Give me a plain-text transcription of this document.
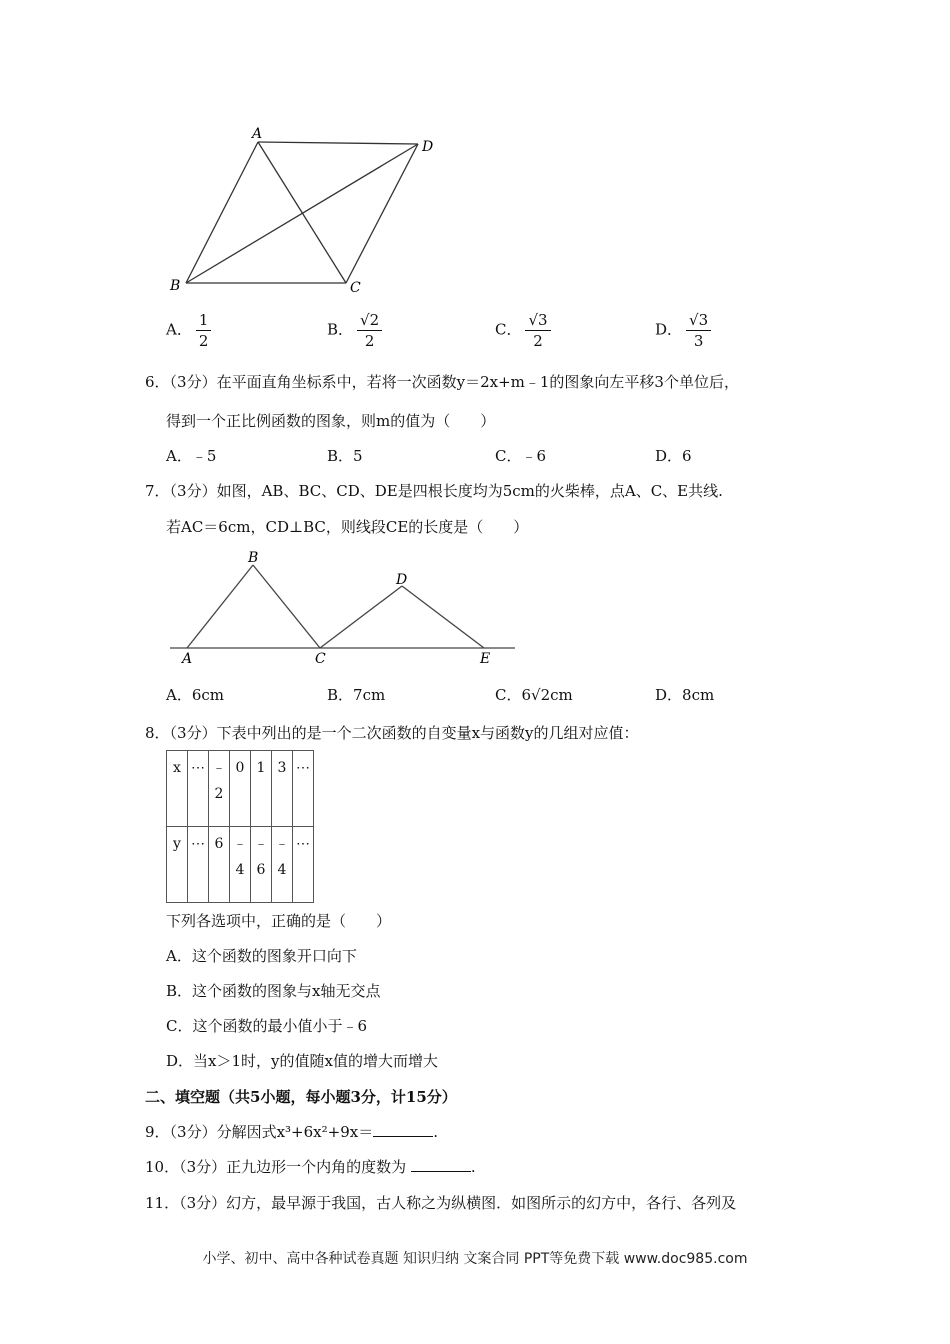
A
D
B	C
A． $\frac{1}{2}$	B． $\frac{√2}{2}$	C． $\frac{√3}{2}$	D． $\frac{√3}{3}$
6．（3分）在平面直角坐标系中，若将一次函数y＝2x+m﹣1的图象向左平移3个单位后，
得到一个正比例函数的图象，则m的值为（　　）
A．﹣5	B．5	C．﹣6	D．6
7．（3分）如图，AB、BC、CD、DE是四根长度均为5cm的火柴棒，点A、C、E共线.
若AC＝6cm，CD⊥BC，则线段CE的长度是（　　）
B
D
A	C	E
A．6cm	B．7cm	C．6√2cm	D．8cm
8．（3分）下表中列出的是一个二次函数的自变量x与函数y的几组对应值：
x	⋯	﹣2	0	1	3	⋯
y	⋯	6	﹣4	﹣6	﹣4	⋯
下列各选项中，正确的是（　　）
A．这个函数的图象开口向下
B．这个函数的图象与x轴无交点
C．这个函数的最小值小于﹣6
D．当x＞1时，y的值随x值的增大而增大
二、填空题（共5小题，每小题3分，计15分）
9．（3分）分解因式x³+6x²+9x＝	.
10．（3分）正九边形一个内角的度数为	.
11．（3分）幻方，最早源于我国，古人称之为纵横图．如图所示的幻方中，各行、各列及
小学、初中、高中各种试卷真题 知识归纳 文案合同 PPT等免费下载 www.doc985.com
